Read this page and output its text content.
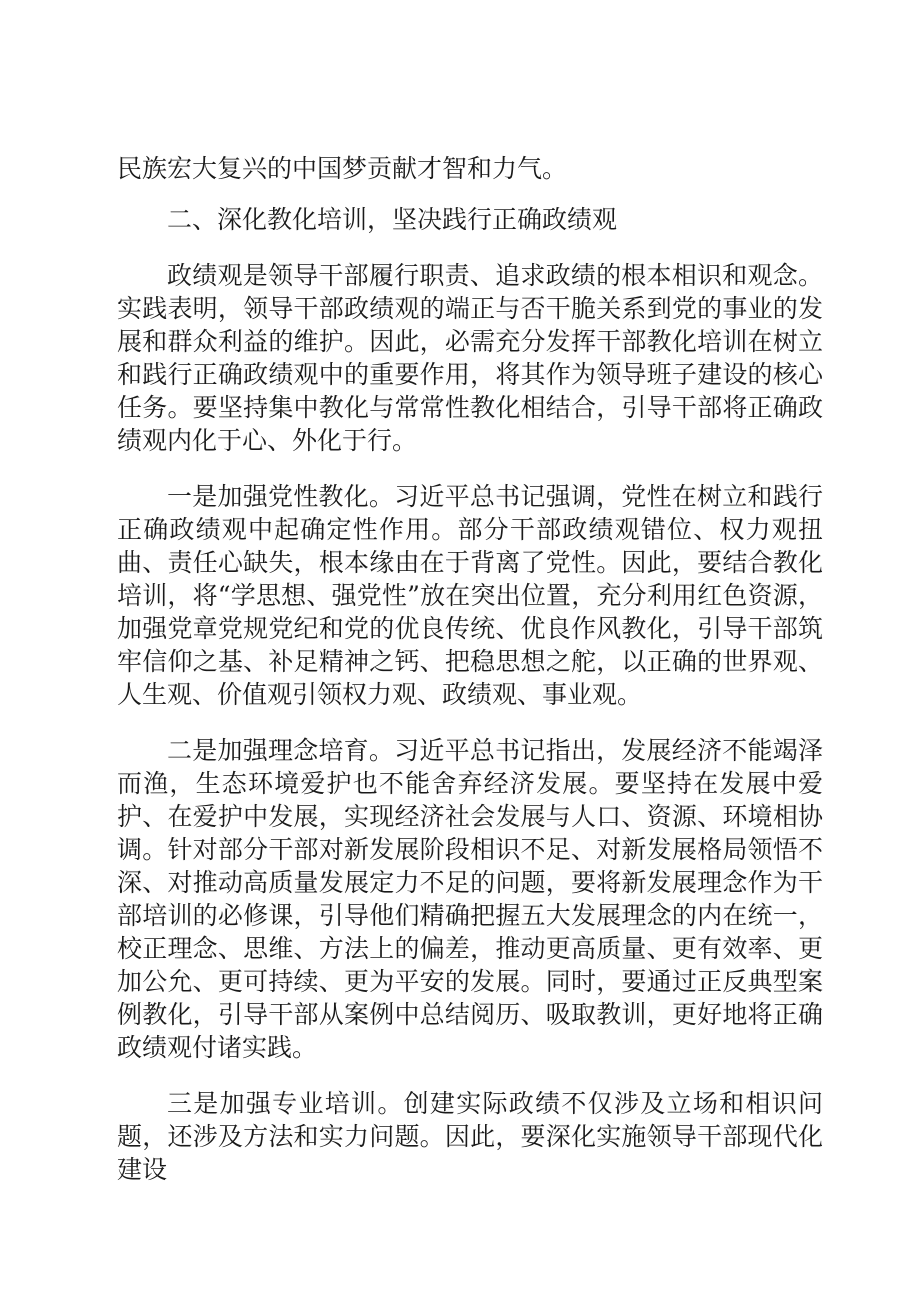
民族宏大复兴的中国梦贡献才智和力气。

二、深化教化培训，坚决践行正确政绩观

政绩观是领导干部履行职责、追求政绩的根本相识和观念。实践表明，领导干部政绩观的端正与否干脆关系到党的事业的发展和群众利益的维护。因此，必需充分发挥干部教化培训在树立和践行正确政绩观中的重要作用，将其作为领导班子建设的核心任务。要坚持集中教化与常常性教化相结合，引导干部将正确政绩观内化于心、外化于行。

一是加强党性教化。习近平总书记强调，党性在树立和践行正确政绩观中起确定性作用。部分干部政绩观错位、权力观扭曲、责任心缺失，根本缘由在于背离了党性。因此，要结合教化培训，将“学思想、强党性”放在突出位置，充分利用红色资源，加强党章党规党纪和党的优良传统、优良作风教化，引导干部筑牢信仰之基、补足精神之钙、把稳思想之舵，以正确的世界观、人生观、价值观引领权力观、政绩观、事业观。

二是加强理念培育。习近平总书记指出，发展经济不能竭泽而渔，生态环境爱护也不能舍弃经济发展。要坚持在发展中爱护、在爱护中发展，实现经济社会发展与人口、资源、环境相协调。针对部分干部对新发展阶段相识不足、对新发展格局领悟不深、对推动高质量发展定力不足的问题，要将新发展理念作为干部培训的必修课，引导他们精确把握五大发展理念的内在统一，校正理念、思维、方法上的偏差，推动更高质量、更有效率、更加公允、更可持续、更为平安的发展。同时，要通过正反典型案例教化，引导干部从案例中总结阅历、吸取教训，更好地将正确政绩观付诸实践。

三是加强专业培训。创建实际政绩不仅涉及立场和相识问题，还涉及方法和实力问题。因此，要深化实施领导干部现代化建设
